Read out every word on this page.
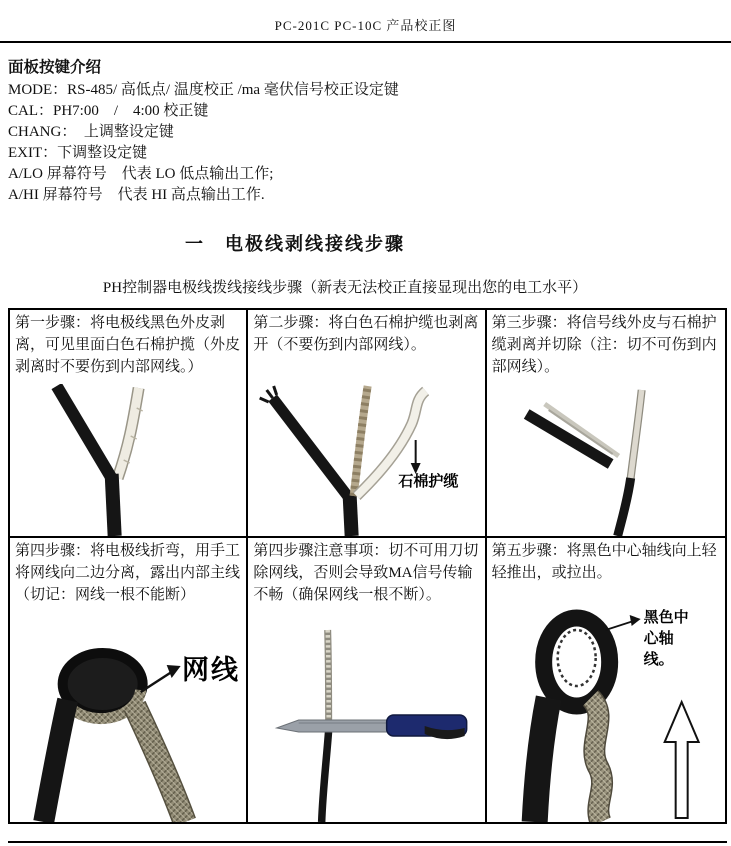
PC-201C PC-10C 产品校正图
面板按键介绍
MODE：RS-485/ 高低点/ 温度校正 /ma 毫伏信号校正设定键
CAL：PH7:00　/　4:00 校正键
CHANG：　上调整设定键
EXIT：下调整设定键
A/LO 屏幕符号　代表 LO 低点输出工作;
A/HI 屏幕符号　代表 HI 高点输出工作.
一　电极线剥线接线步骤
PH控制器电极线拨线接线步骤（新表无法校正直接显现出您的电工水平）
第一步骤：将电极线黑色外皮剥离，可见里面白色石棉护揽（外皮剥离时不要伤到内部网线。）
第二步骤：将白色石棉护缆也剥离开（不要伤到内部网线）。
石棉护缆
第三步骤：将信号线外皮与石棉护缆剥离并切除（注：切不可伤到内部网线）。
第四步骤：将电极线折弯，用手工将网线向二边分离，露出内部主线（切记：网线一根不能断）
网线
第四步骤注意事项：切不可用刀切除网线，否则会导致MA信号传输不畅（确保网线一根不断）。
第五步骤：将黑色中心轴线向上轻轻推出，或拉出。
黑色中心轴线。
